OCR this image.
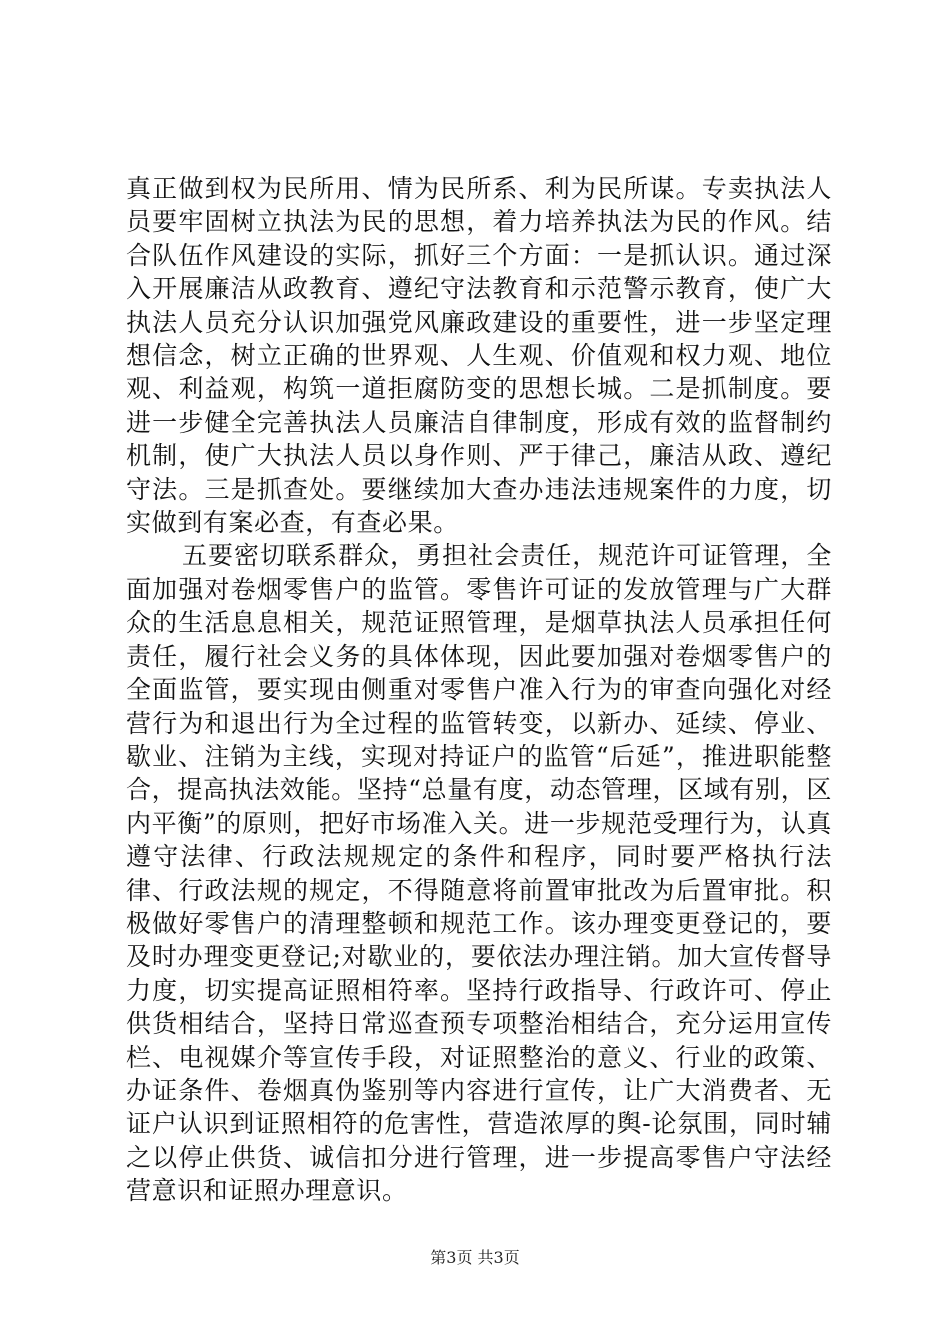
真正做到权为民所用、情为民所系、利为民所谋。专卖执法人员要牢固树立执法为民的思想，着力培养执法为民的作风。结合队伍作风建设的实际，抓好三个方面：一是抓认识。通过深入开展廉洁从政教育、遵纪守法教育和示范警示教育，使广大执法人员充分认识加强党风廉政建设的重要性，进一步坚定理想信念，树立正确的世界观、人生观、价值观和权力观、地位观、利益观，构筑一道拒腐防变的思想长城。二是抓制度。要进一步健全完善执法人员廉洁自律制度，形成有效的监督制约机制，使广大执法人员以身作则、严于律己，廉洁从政、遵纪守法。三是抓查处。要继续加大查办违法违规案件的力度，切实做到有案必查，有查必果。

五要密切联系群众，勇担社会责任，规范许可证管理，全面加强对卷烟零售户的监管。零售许可证的发放管理与广大群众的生活息息相关，规范证照管理，是烟草执法人员承担任何责任，履行社会义务的具体体现，因此要加强对卷烟零售户的全面监管，要实现由侧重对零售户准入行为的审查向强化对经营行为和退出行为全过程的监管转变，以新办、延续、停业、歇业、注销为主线，实现对持证户的监管“后延”，推进职能整合，提高执法效能。坚持“总量有度，动态管理，区域有别，区内平衡”的原则，把好市场准入关。进一步规范受理行为，认真遵守法律、行政法规规定的条件和程序，同时要严格执行法律、行政法规的规定，不得随意将前置审批改为后置审批。积极做好零售户的清理整顿和规范工作。该办理变更登记的，要及时办理变更登记;对歇业的，要依法办理注销。加大宣传督导力度，切实提高证照相符率。坚持行政指导、行政许可、停止供货相结合，坚持日常巡查预专项整治相结合，充分运用宣传栏、电视媒介等宣传手段，对证照整治的意义、行业的政策、办证条件、卷烟真伪鉴别等内容进行宣传，让广大消费者、无证户认识到证照相符的危害性，营造浓厚的舆-论氛围，同时辅之以停止供货、诚信扣分进行管理，进一步提高零售户守法经营意识和证照办理意识。

第3页 共3页
